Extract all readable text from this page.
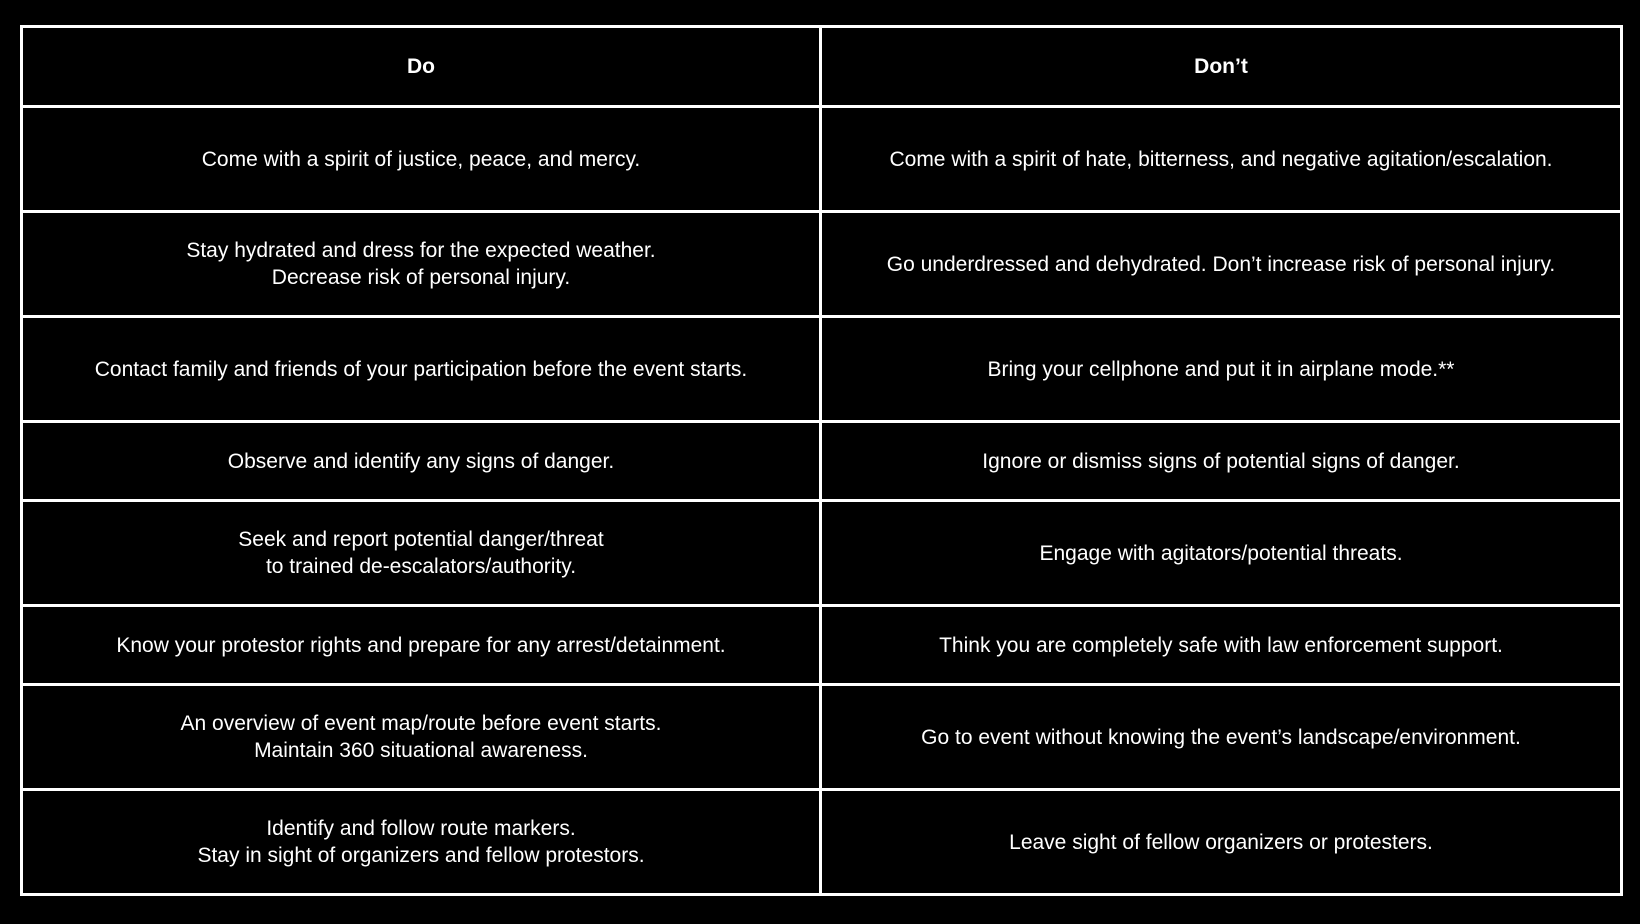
Do	Don’t

Come with a spirit of justice, peace, and mercy.	Come with a spirit of hate, bitterness, and negative agitation/escalation.

Stay hydrated and dress for the expected weather.
Decrease risk of personal injury.	Go underdressed and dehydrated. Don’t increase risk of personal injury.

Contact family and friends of your participation before the event starts.	Bring your cellphone and put it in airplane mode.**

Observe and identify any signs of danger.	Ignore or dismiss signs of potential signs of danger.

Seek and report potential danger/threat
to trained de-escalators/authority.	Engage with agitators/potential threats.

Know your protestor rights and prepare for any arrest/detainment.	Think you are completely safe with law enforcement support.

An overview of event map/route before event starts.
Maintain 360 situational awareness.	Go to event without knowing the event’s landscape/environment.

Identify and follow route markers.
Stay in sight of organizers and fellow protestors.	Leave sight of fellow organizers or protesters.
